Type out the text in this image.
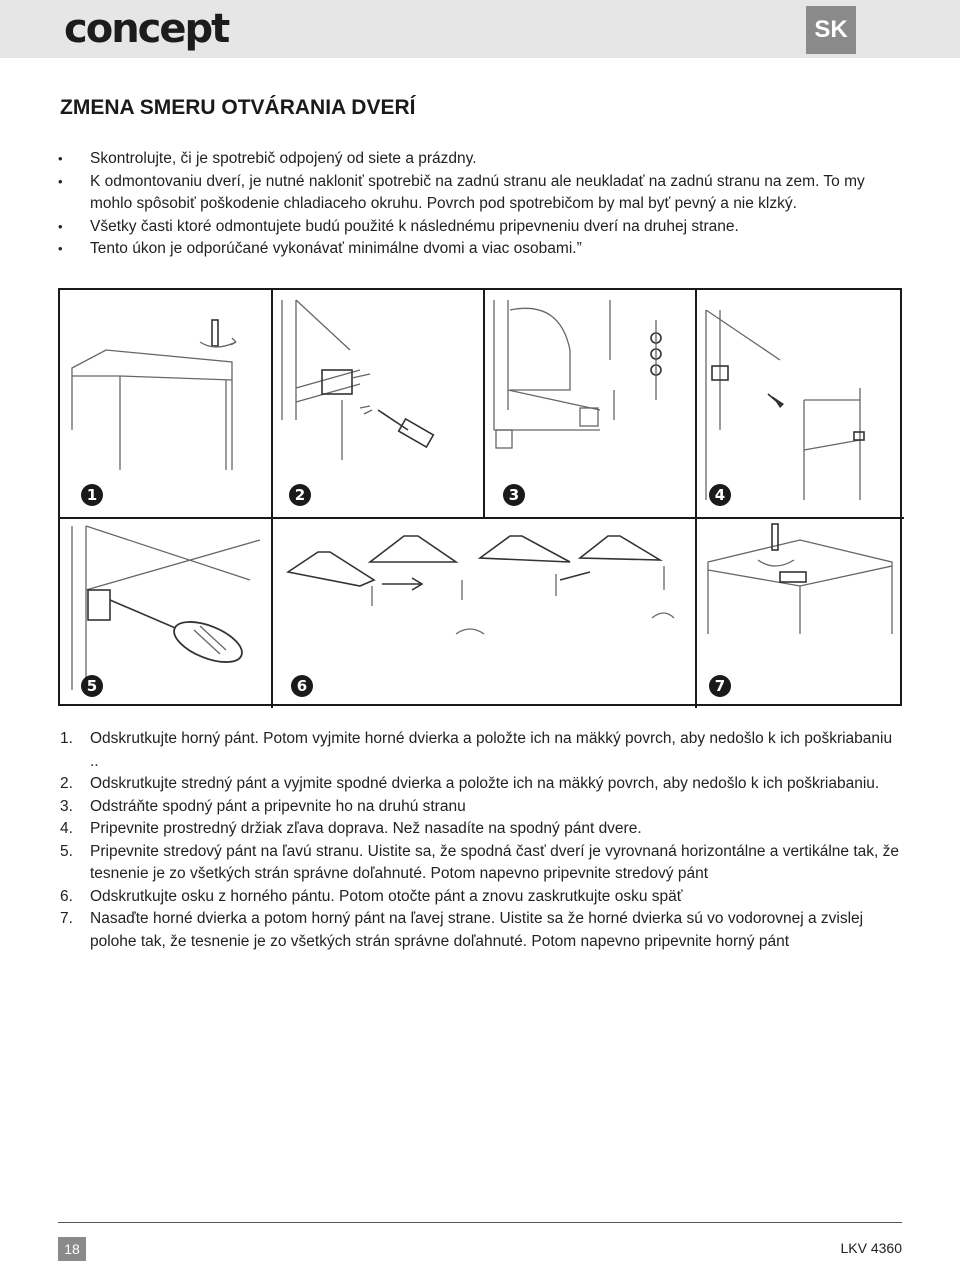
concept	SK
ZMENA SMERU OTVÁRANIA DVERÍ
• Skontrolujte, či je spotrebič odpojený od siete a prázdny.
• K odmontovaniu dverí, je nutné nakloniť spotrebič na zadnú stranu ale neukladať na zadnú stranu na zem. To my mohlo spôsobiť poškodenie chladiaceho okruhu. Povrch pod spotrebičom by mal byť pevný a nie klzký.
• Všetky časti ktoré odmontujete budú použité k následnému pripevneniu dverí na druhej strane.
• Tento úkon je odporúčané vykonávať minimálne dvomi a viac osobami.”
1	2	3	4
5	6	7
1. Odskrutkujte horný pánt. Potom vyjmite horné dvierka a položte ich na mäkký povrch, aby nedošlo k ich poškriabaniu ..
2. Odskrutkujte stredný pánt a vyjmite spodné dvierka a položte ich na mäkký povrch, aby nedošlo k ich poškriabaniu.
3. Odstráňte spodný pánt a pripevnite ho na druhú stranu
4. Pripevnite prostredný držiak zľava doprava. Než nasadíte na spodný pánt dvere.
5. Pripevnite stredový pánt na ľavú stranu. Uistite sa, že spodná časť dverí je vyrovnaná horizontálne a vertikálne tak, že tesnenie je zo všetkých strán správne doľahnuté. Potom napevno pripevnite stredový pánt
6. Odskrutkujte osku z horného pántu. Potom otočte pánt a znovu zaskrutkujte osku späť
7. Nasaďte horné dvierka a potom horný pánt na ľavej strane. Uistite sa že horné dvierka sú vo vodorovnej a zvislej polohe tak, že tesnenie je zo všetkých strán správne doľahnuté. Potom napevno pripevnite horný pánt
18	LKV 4360
